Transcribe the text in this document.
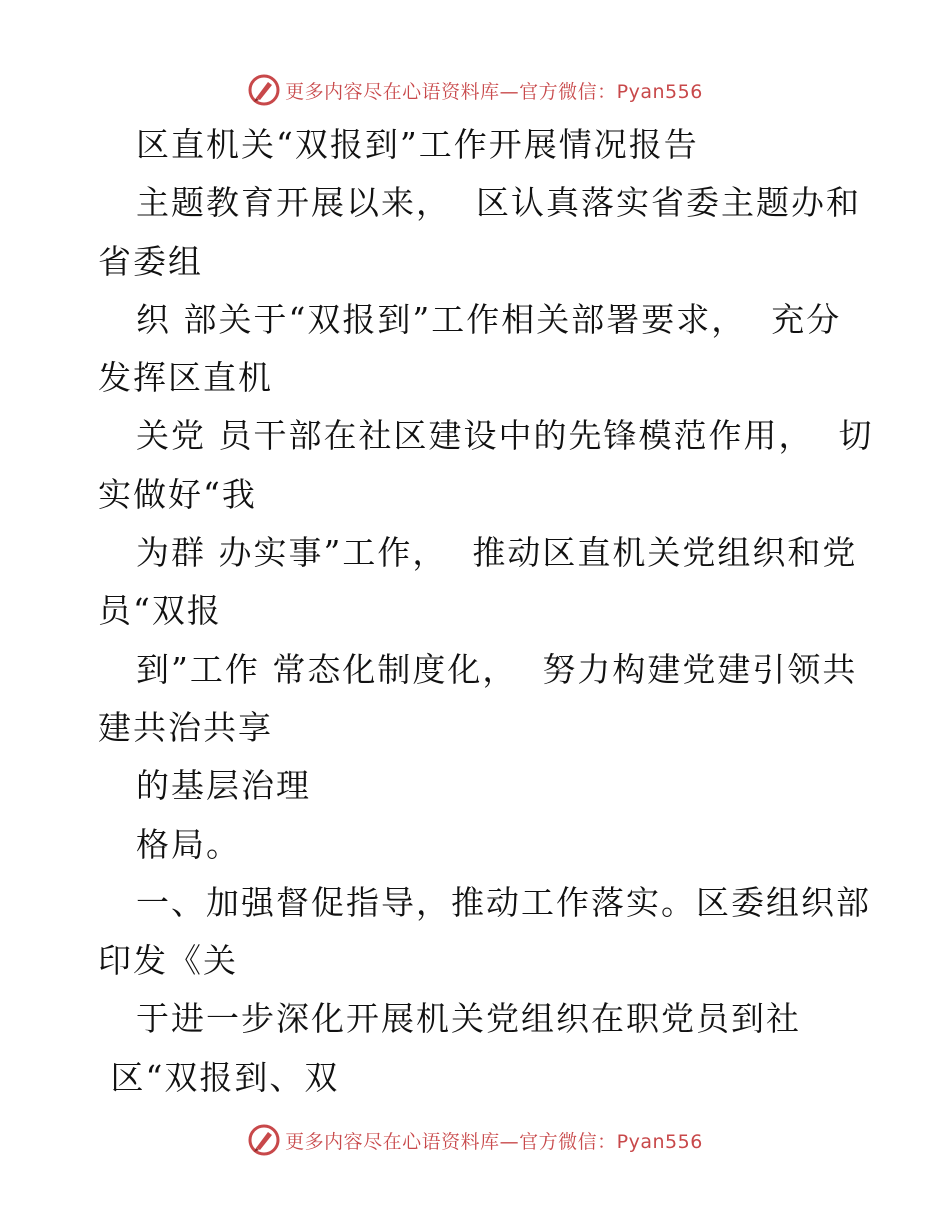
更多内容尽在心语资料库—官方微信：Pyan556
区直机关“双报到”工作开展情况报告
主题教育开展以来，  区认真落实省委主题办和
省委组
织 部关于“双报到”工作相关部署要求，  充分
发挥区直机
关党 员干部在社区建设中的先锋模范作用，  切
实做好“我
为群 办实事”工作，  推动区直机关党组织和党
员“双报
到”工作 常态化制度化，  努力构建党建引领共
建共治共享
的基层治理
格局。
一、加强督促指导，推动工作落实。区委组织部
印发《关
于进一步深化开展机关党组织在职党员到社
区“双报到、双
更多内容尽在心语资料库—官方微信：Pyan556
